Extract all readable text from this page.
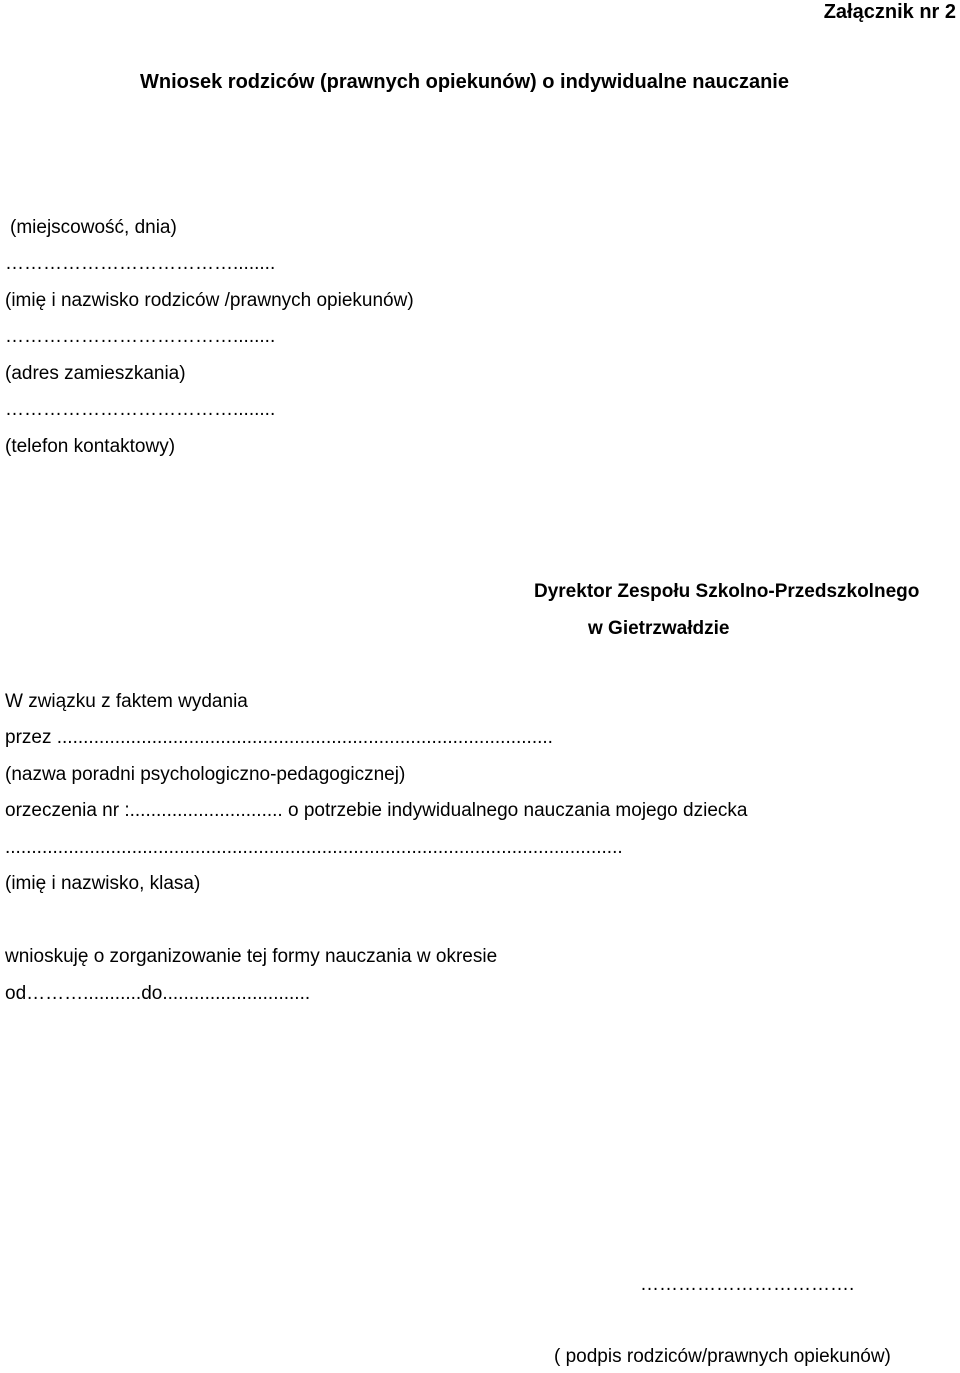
Załącznik nr 2
Wniosek rodziców (prawnych opiekunów) o indywidualne nauczanie
(miejscowość, dnia)
………………………………........
(imię i nazwisko rodziców /prawnych opiekunów)
………………………………........
(adres zamieszkania)
………………………………........
(telefon kontaktowy)
Dyrektor Zespołu Szkolno-Przedszkolnego
w Gietrzwałdzie
W związku z faktem wydania
przez ..............................................................................................
(nazwa poradni psychologiczno-pedagogicznej)
orzeczenia nr :............................. o potrzebie indywidualnego nauczania mojego dziecka
.....................................................................................................................
(imię i nazwisko, klasa)
wnioskuję o zorganizowanie tej formy nauczania w okresie
od………...........do............................
…………………………….
( podpis rodziców/prawnych opiekunów)
